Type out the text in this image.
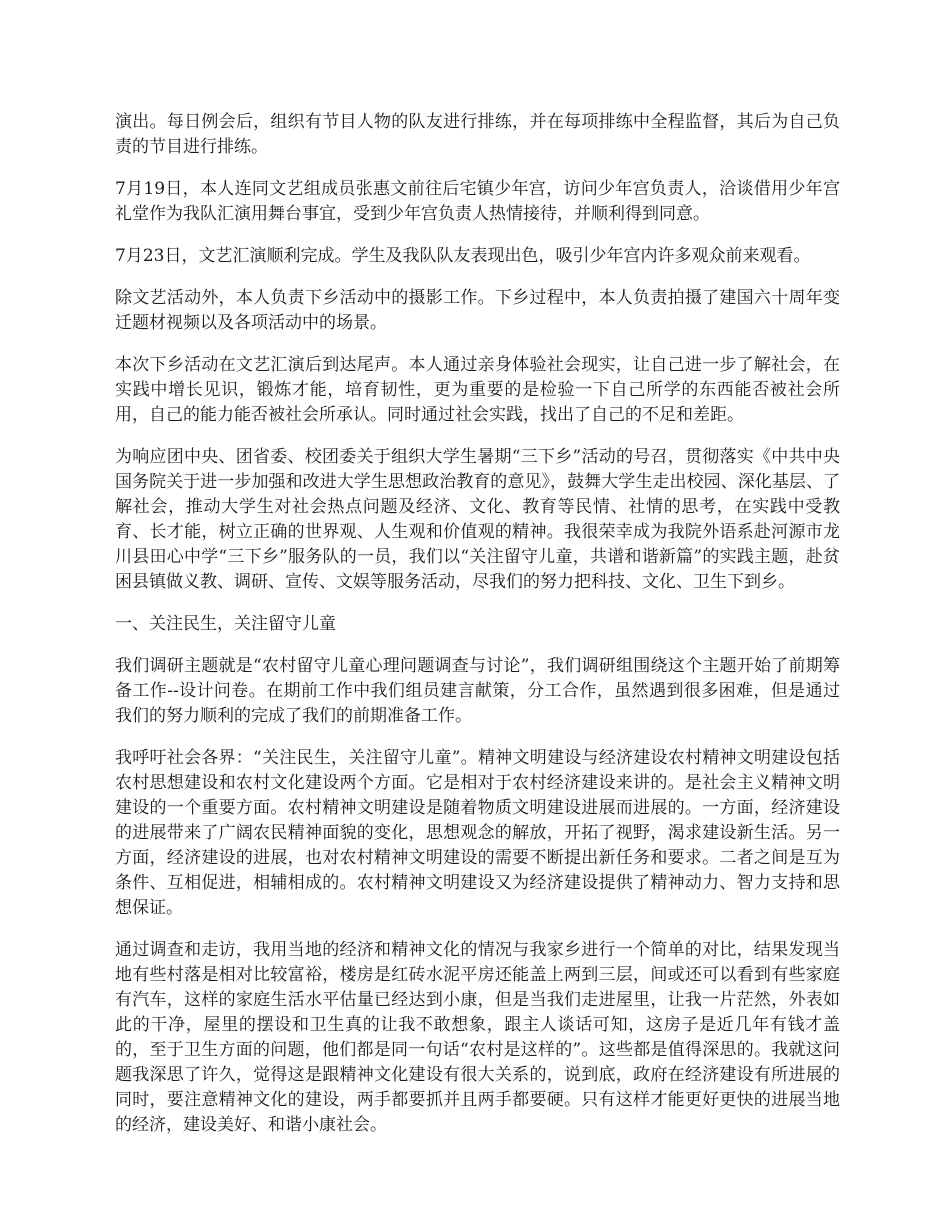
演出。每日例会后，组织有节目人物的队友进行排练，并在每项排练中全程监督，其后为自己负责的节目进行排练。

7月19日，本人连同文艺组成员张惠文前往后宅镇少年宫，访问少年宫负责人，洽谈借用少年宫礼堂作为我队汇演用舞台事宜，受到少年宫负责人热情接待，并顺利得到同意。

7月23日，文艺汇演顺利完成。学生及我队队友表现出色，吸引少年宫内许多观众前来观看。

除文艺活动外，本人负责下乡活动中的摄影工作。下乡过程中，本人负责拍摄了建国六十周年变迁题材视频以及各项活动中的场景。

本次下乡活动在文艺汇演后到达尾声。本人通过亲身体验社会现实，让自己进一步了解社会，在实践中增长见识，锻炼才能，培育韧性，更为重要的是检验一下自己所学的东西能否被社会所用，自己的能力能否被社会所承认。同时通过社会实践，找出了自己的不足和差距。

为响应团中央、团省委、校团委关于组织大学生暑期“三下乡”活动的号召，贯彻落实《中共中央国务院关于进一步加强和改进大学生思想政治教育的意见》，鼓舞大学生走出校园、深化基层、了解社会，推动大学生对社会热点问题及经济、文化、教育等民情、社情的思考，在实践中受教育、长才能，树立正确的世界观、人生观和价值观的精神。我很荣幸成为我院外语系赴河源市龙川县田心中学“三下乡”服务队的一员，我们以“关注留守儿童，共谱和谐新篇”的实践主题，赴贫困县镇做义教、调研、宣传、文娱等服务活动，尽我们的努力把科技、文化、卫生下到乡。

一、关注民生，关注留守儿童

我们调研主题就是“农村留守儿童心理问题调查与讨论”，我们调研组围绕这个主题开始了前期筹备工作--设计问卷。在期前工作中我们组员建言献策，分工合作，虽然遇到很多困难，但是通过我们的努力顺利的完成了我们的前期准备工作。

我呼吁社会各界：“关注民生，关注留守儿童”。精神文明建设与经济建设农村精神文明建设包括农村思想建设和农村文化建设两个方面。它是相对于农村经济建设来讲的。是社会主义精神文明建设的一个重要方面。农村精神文明建设是随着物质文明建设进展而进展的。一方面，经济建设的进展带来了广阔农民精神面貌的变化，思想观念的解放，开拓了视野，渴求建设新生活。另一方面，经济建设的进展，也对农村精神文明建设的需要不断提出新任务和要求。二者之间是互为条件、互相促进，相辅相成的。农村精神文明建设又为经济建设提供了精神动力、智力支持和思想保证。

通过调查和走访，我用当地的经济和精神文化的情况与我家乡进行一个简单的对比，结果发现当地有些村落是相对比较富裕，楼房是红砖水泥平房还能盖上两到三层，间或还可以看到有些家庭有汽车，这样的家庭生活水平估量已经达到小康，但是当我们走进屋里，让我一片茫然，外表如此的干净，屋里的摆设和卫生真的让我不敢想象，跟主人谈话可知，这房子是近几年有钱才盖的，至于卫生方面的问题，他们都是同一句话“农村是这样的”。这些都是值得深思的。我就这问题我深思了许久，觉得这是跟精神文化建设有很大关系的，说到底，政府在经济建设有所进展的同时，要注意精神文化的建设，两手都要抓并且两手都要硬。只有这样才能更好更快的进展当地的经济，建设美好、和谐小康社会。
